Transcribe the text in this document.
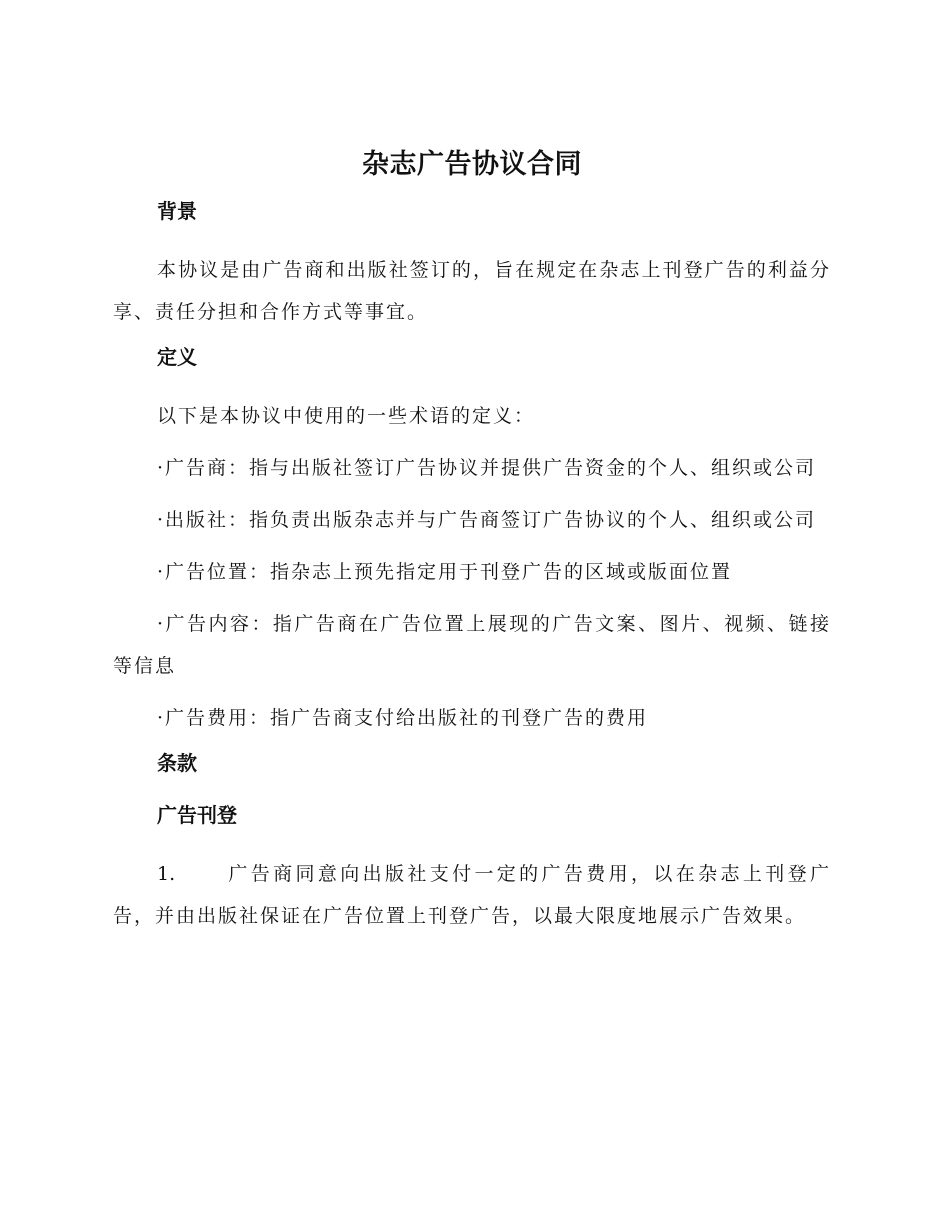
杂志广告协议合同
背景

本协议是由广告商和出版社签订的，旨在规定在杂志上刊登广告的利益分享、责任分担和合作方式等事宜。

定义

以下是本协议中使用的一些术语的定义：

·广告商：指与出版社签订广告协议并提供广告资金的个人、组织或公司

·出版社：指负责出版杂志并与广告商签订广告协议的个人、组织或公司

·广告位置：指杂志上预先指定用于刊登广告的区域或版面位置

·广告内容：指广告商在广告位置上展现的广告文案、图片、视频、链接等信息

·广告费用：指广告商支付给出版社的刊登广告的费用

条款
广告刊登

1.	广告商同意向出版社支付一定的广告费用，以在杂志上刊登广告，并由出版社保证在广告位置上刊登广告，以最大限度地展示广告效果。
